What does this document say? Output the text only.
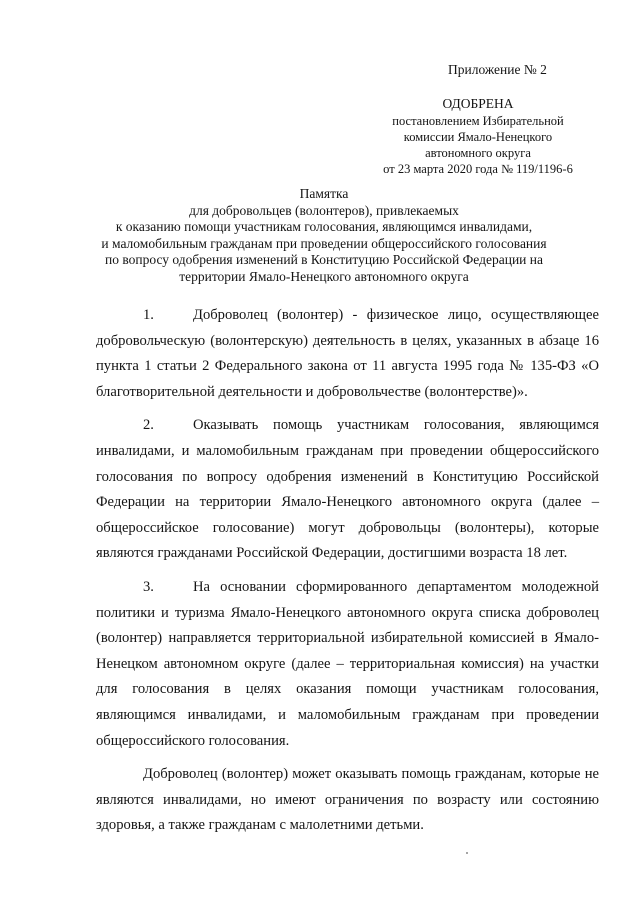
Приложение № 2
ОДОБРЕНА
постановлением Избирательной
комиссии Ямало-Ненецкого
автономного округа
от 23 марта 2020 года № 119/1196-6
Памятка
для добровольцев (волонтеров), привлекаемых
к оказанию помощи участникам голосования, являющимся инвалидами,
и маломобильным гражданам при проведении общероссийского голосования
по вопросу одобрения изменений в Конституцию Российской Федерации на
территории Ямало-Ненецкого автономного округа

1.	Доброволец (волонтер) - физическое лицо, осуществляющее добровольческую (волонтерскую) деятельность в целях, указанных в абзаце 16 пункта 1 статьи 2 Федерального закона от 11 августа 1995 года № 135-ФЗ «О благотворительной деятельности и добровольчестве (волонтерстве)».

2.	Оказывать помощь участникам голосования, являющимся инвалидами, и маломобильным гражданам при проведении общероссийского голосования по вопросу одобрения изменений в Конституцию Российской Федерации на территории Ямало-Ненецкого автономного округа (далее – общероссийское голосование) могут добровольцы (волонтеры), которые являются гражданами Российской Федерации, достигшими возраста 18 лет.

3.	На основании сформированного департаментом молодежной политики и туризма Ямало-Ненецкого автономного округа списка доброволец (волонтер) направляется территориальной избирательной комиссией в Ямало-Ненецком автономном округе (далее – территориальная комиссия) на участки для голосования в целях оказания помощи участникам голосования, являющимся инвалидами, и маломобильным гражданам при проведении общероссийского голосования.

Доброволец (волонтер) может оказывать помощь гражданам, которые не являются инвалидами, но имеют ограничения по возрасту или состоянию здоровья, а также гражданам с малолетними детьми.
